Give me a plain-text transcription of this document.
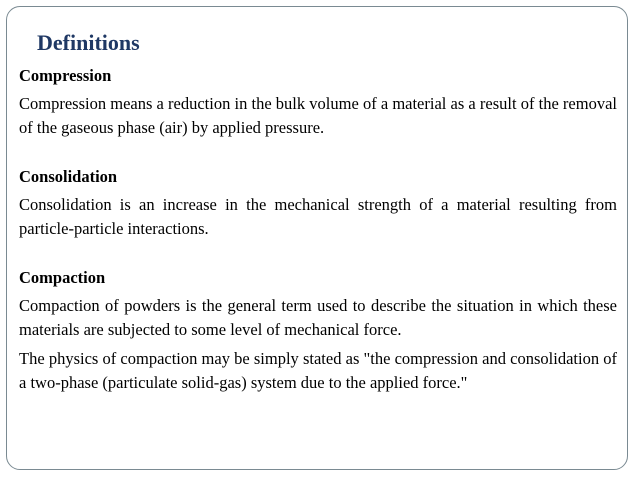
Definitions

Compression

Compression means a reduction in the bulk volume of a material as a result of the removal of the gaseous phase (air) by applied pressure.

Consolidation

Consolidation is an increase in the mechanical strength of a material resulting from particle-particle interactions.

Compaction

Compaction of powders is the general term used to describe the situation in which these materials are subjected to some level of mechanical force.

The physics of compaction may be simply stated as "the compression and consolidation of a two-phase (particulate solid-gas) system due to the applied force."
